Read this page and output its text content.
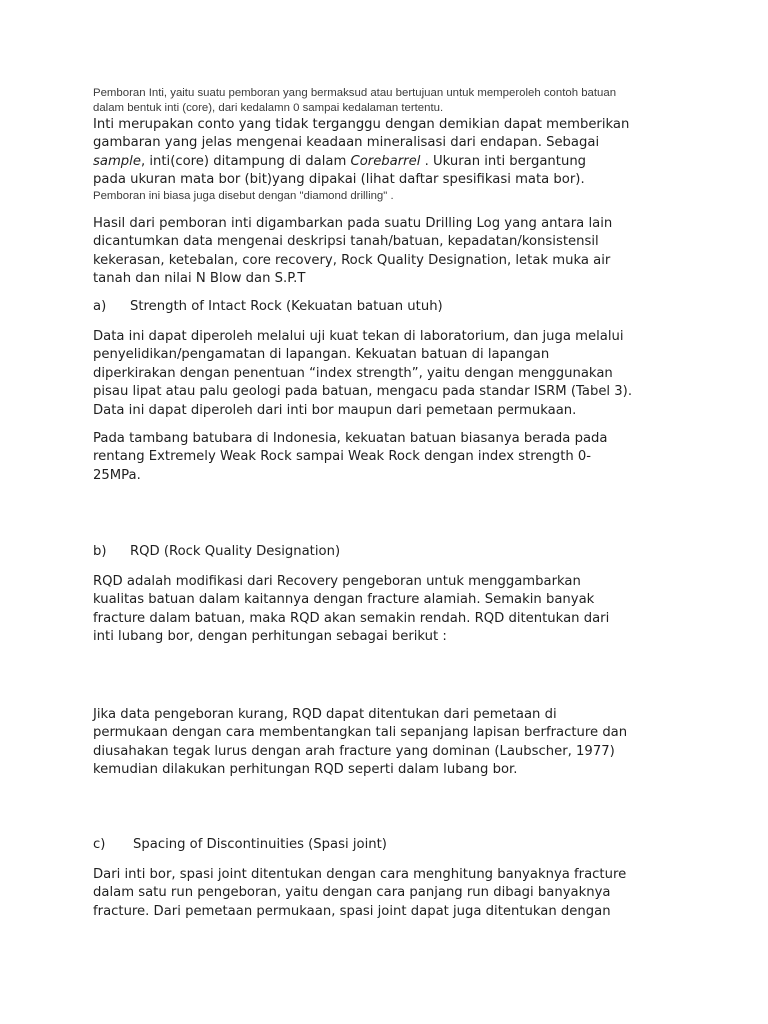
Pemboran Inti, yaitu suatu pemboran yang bermaksud atau bertujuan untuk memperoleh contoh batuan
dalam bentuk inti (core), dari kedalamn 0 sampai kedalaman tertentu.
Inti merupakan conto yang tidak terganggu dengan demikian dapat memberikan
gambaran yang jelas mengenai keadaan mineralisasi dari endapan. Sebagai
sample, inti(core) ditampung di dalam Corebarrel . Ukuran inti bergantung
pada ukuran mata bor (bit)yang dipakai (lihat daftar spesifikasi mata bor).
Pemboran ini biasa juga disebut dengan "diamond drilling" .
Hasil dari pemboran inti digambarkan pada suatu Drilling Log yang antara lain
dicantumkan data mengenai deskripsi tanah/batuan, kepadatan/konsistensil
kekerasan, ketebalan, core recovery, Rock Quality Designation, letak muka air
tanah dan nilai N Blow dan S.P.T
a) Strength of Intact Rock (Kekuatan batuan utuh)
Data ini dapat diperoleh melalui uji kuat tekan di laboratorium, dan juga melalui
penyelidikan/pengamatan di lapangan. Kekuatan batuan di lapangan
diperkirakan dengan penentuan “index strength”, yaitu dengan menggunakan
pisau lipat atau palu geologi pada batuan, mengacu pada standar ISRM (Tabel 3).
Data ini dapat diperoleh dari inti bor maupun dari pemetaan permukaan.
Pada tambang batubara di Indonesia, kekuatan batuan biasanya berada pada
rentang Extremely Weak Rock sampai Weak Rock dengan index strength 0-
25MPa.
b) RQD (Rock Quality Designation)
RQD adalah modifikasi dari Recovery pengeboran untuk menggambarkan
kualitas batuan dalam kaitannya dengan fracture alamiah. Semakin banyak
fracture dalam batuan, maka RQD akan semakin rendah. RQD ditentukan dari
inti lubang bor, dengan perhitungan sebagai berikut :
Jika data pengeboran kurang, RQD dapat ditentukan dari pemetaan di
permukaan dengan cara membentangkan tali sepanjang lapisan berfracture dan
diusahakan tegak lurus dengan arah fracture yang dominan (Laubscher, 1977)
kemudian dilakukan perhitungan RQD seperti dalam lubang bor.
c) Spacing of Discontinuities (Spasi joint)
Dari inti bor, spasi joint ditentukan dengan cara menghitung banyaknya fracture
dalam satu run pengeboran, yaitu dengan cara panjang run dibagi banyaknya
fracture. Dari pemetaan permukaan, spasi joint dapat juga ditentukan dengan
